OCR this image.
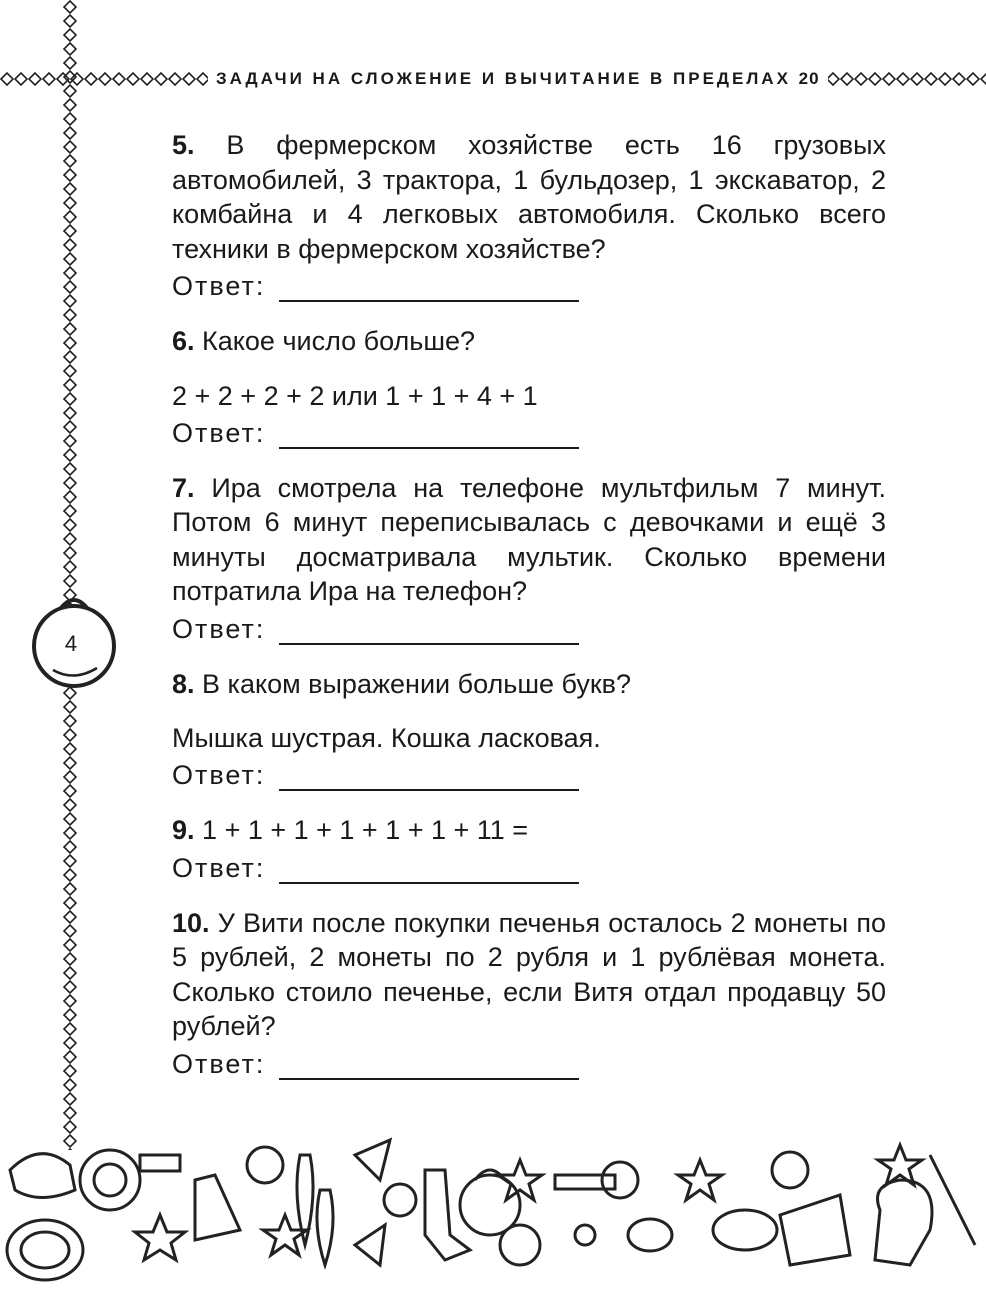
ЗАДАЧИ НА СЛОЖЕНИЕ И ВЫЧИТАНИЕ В ПРЕДЕЛАХ 20
4

5. В фермерском хозяйстве есть 16 грузовых автомобилей, 3 трактора, 1 бульдозер, 1 экскаватор, 2 комбайна и 4 легковых автомобиля. Сколько всего техники в фермерском хозяйстве?

Ответ:

6. Какое число больше?

2 + 2 + 2 + 2 или 1 + 1 + 4 + 1

Ответ:

7. Ира смотрела на телефоне мультфильм 7 минут. Потом 6 минут переписывалась с девочками и ещё 3 минуты досматривала мультик. Сколько времени потратила Ира на телефон?

Ответ:

8. В каком выражении больше букв?

Мышка шустрая. Кошка ласковая.

Ответ:

9. 1 + 1 + 1 + 1 + 1 + 1 + 11 =

Ответ:

10. У Вити после покупки печенья осталось 2 монеты по 5 рублей, 2 монеты по 2 рубля и 1 рублёвая монета. Сколько стоило печенье, если Витя отдал продавцу 50 рублей?

Ответ:
